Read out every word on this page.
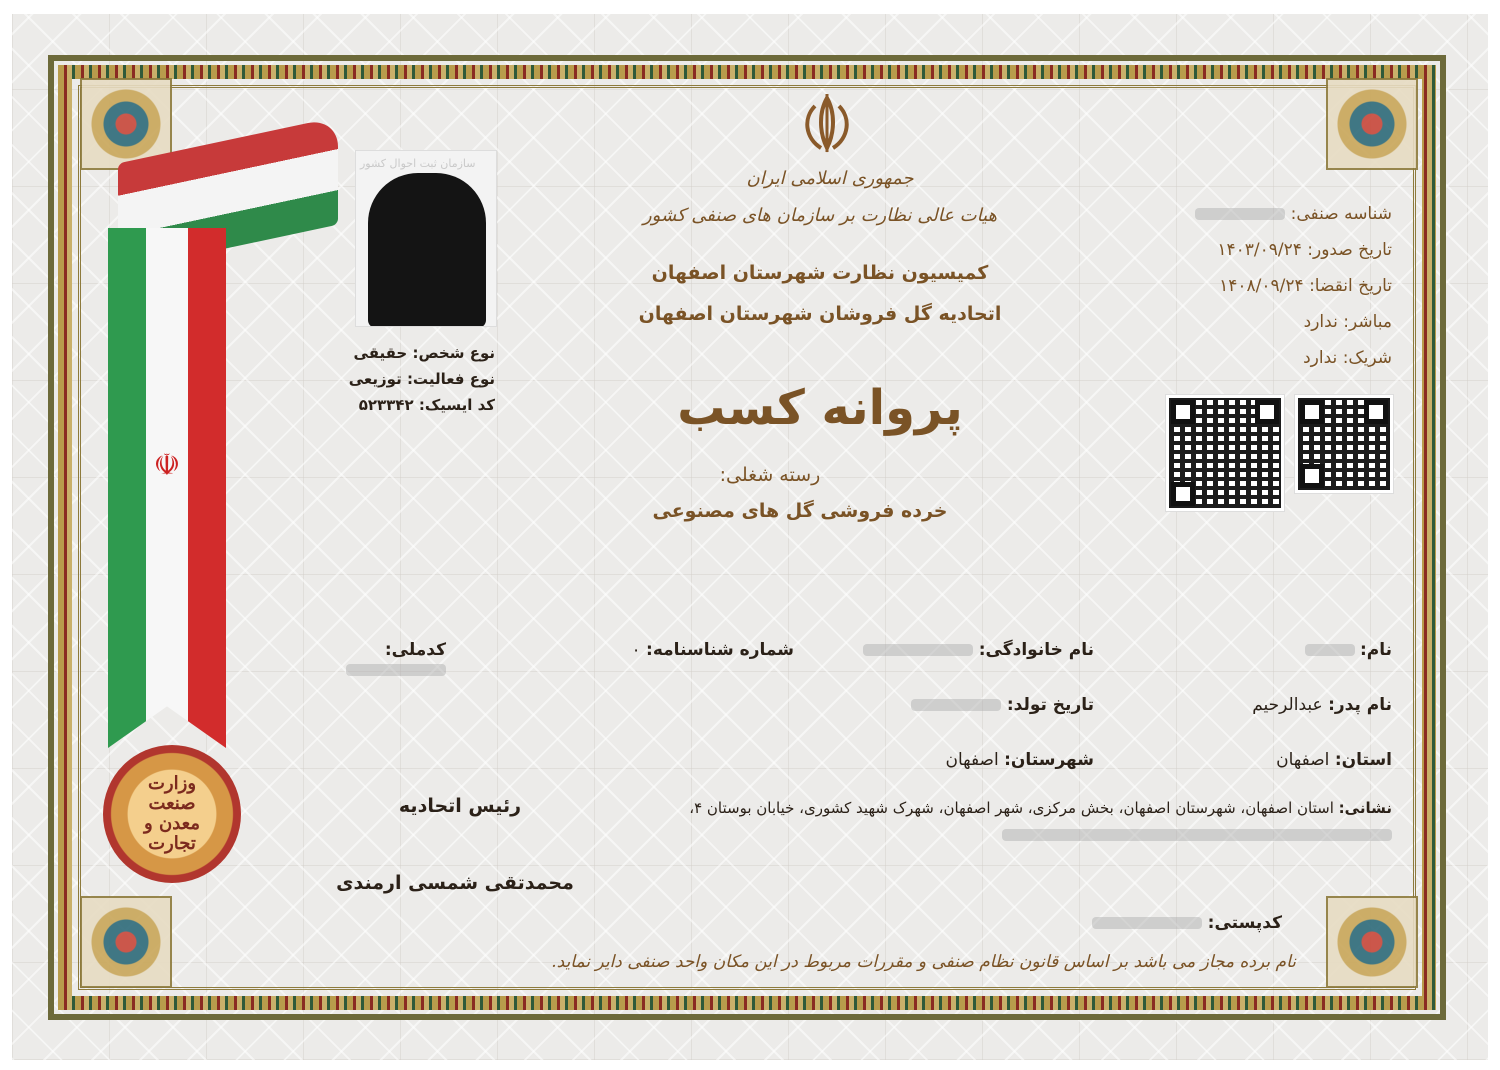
☫
وزارت صنعت معدن و تجارت
جمهوری اسلامی ایران
هیات عالی نظارت بر سازمان های صنفی کشور
کمیسیون نظارت شهرستان اصفهان
اتحادیه گل فروشان شهرستان اصفهان
پروانه کسب
رسته شغلی:
خرده فروشی گل های مصنوعی
شناسه صنفی:
تاریخ صدور: ۱۴۰۳/۰۹/۲۴
تاریخ انقضا: ۱۴۰۸/۰۹/۲۴
مباشر: ندارد
شریک: ندارد
سازمان ثبت احوال کشور
نوع شخص: حقیقی
نوع فعالیت: توزیعی
کد ایسیک: ۵۲۳۳۴۲
نام:
نام خانوادگی:
شماره شناسنامه: ۰
کدملی:
نام پدر: عبدالرحیم
تاریخ تولد:
استان: اصفهان
شهرستان: اصفهان
نشانی: استان اصفهان، شهرستان اصفهان، بخش مرکزی، شهر اصفهان، شهرک شهید کشوری، خیابان بوستان ۴،
کدپستی:
رئیس اتحادیه
محمدتقی شمسی ارمندی
نام برده مجاز می باشد بر اساس قانون نظام صنفی و مقررات مربوط در این مکان واحد صنفی دایر نماید.
